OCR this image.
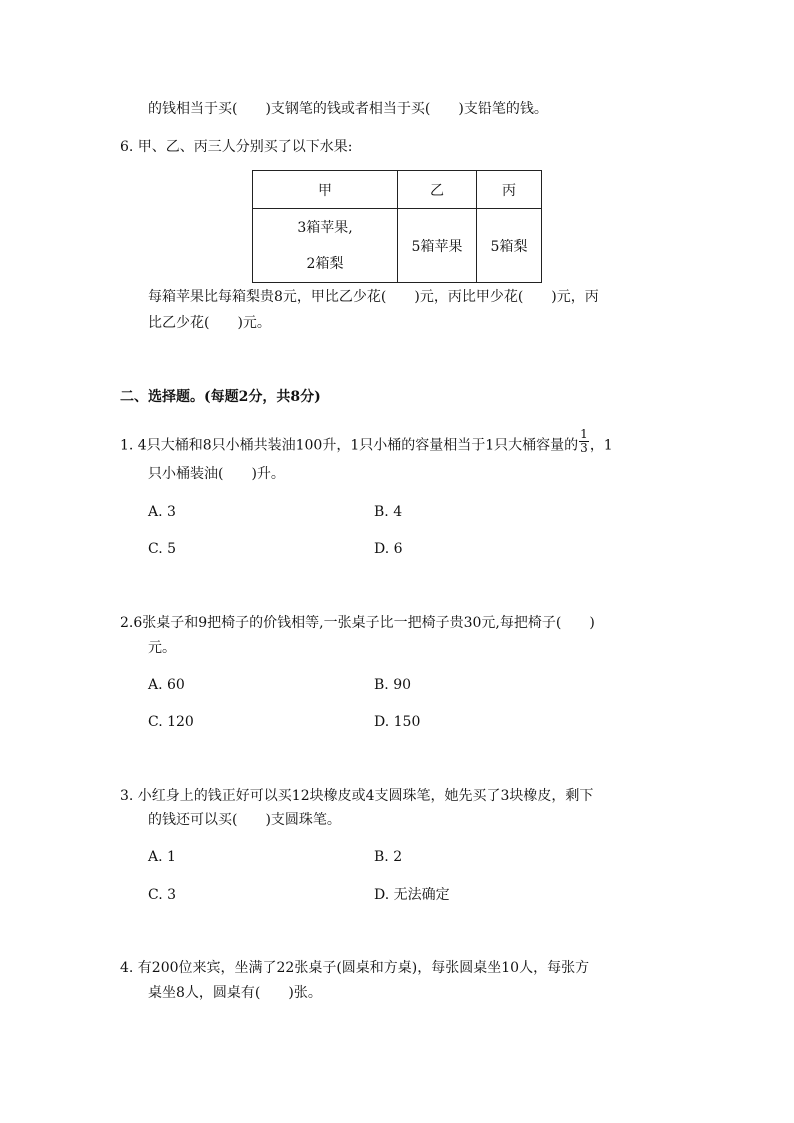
的钱相当于买(　　)支钢笔的钱或者相当于买(　　)支铅笔的钱。
6. 甲、乙、丙三人分别买了以下水果:
甲	乙	丙

3箱苹果,
2箱梨	5箱苹果	5箱梨
每箱苹果比每箱梨贵8元，甲比乙少花(　　)元，丙比甲少花(　　)元，丙
比乙少花(　　)元。
二、选择题。(每题2分，共8分)
1. 4只大桶和8只小桶共装油100升，1只小桶的容量相当于1只大桶容量的 $\frac{1}{3}$ ，1
只小桶装油(　　)升。
A. 3	B. 4
C. 5	D. 6
2.6张桌子和9把椅子的价钱相等,一张桌子比一把椅子贵30元,每把椅子(　　)
元。
A. 60	B. 90
C. 120	D. 150
3. 小红身上的钱正好可以买12块橡皮或4支圆珠笔，她先买了3块橡皮，剩下
的钱还可以买(　　)支圆珠笔。
A. 1	B. 2
C. 3	D. 无法确定
4. 有200位来宾，坐满了22张桌子(圆桌和方桌)，每张圆桌坐10人，每张方
桌坐8人，圆桌有(　　)张。
